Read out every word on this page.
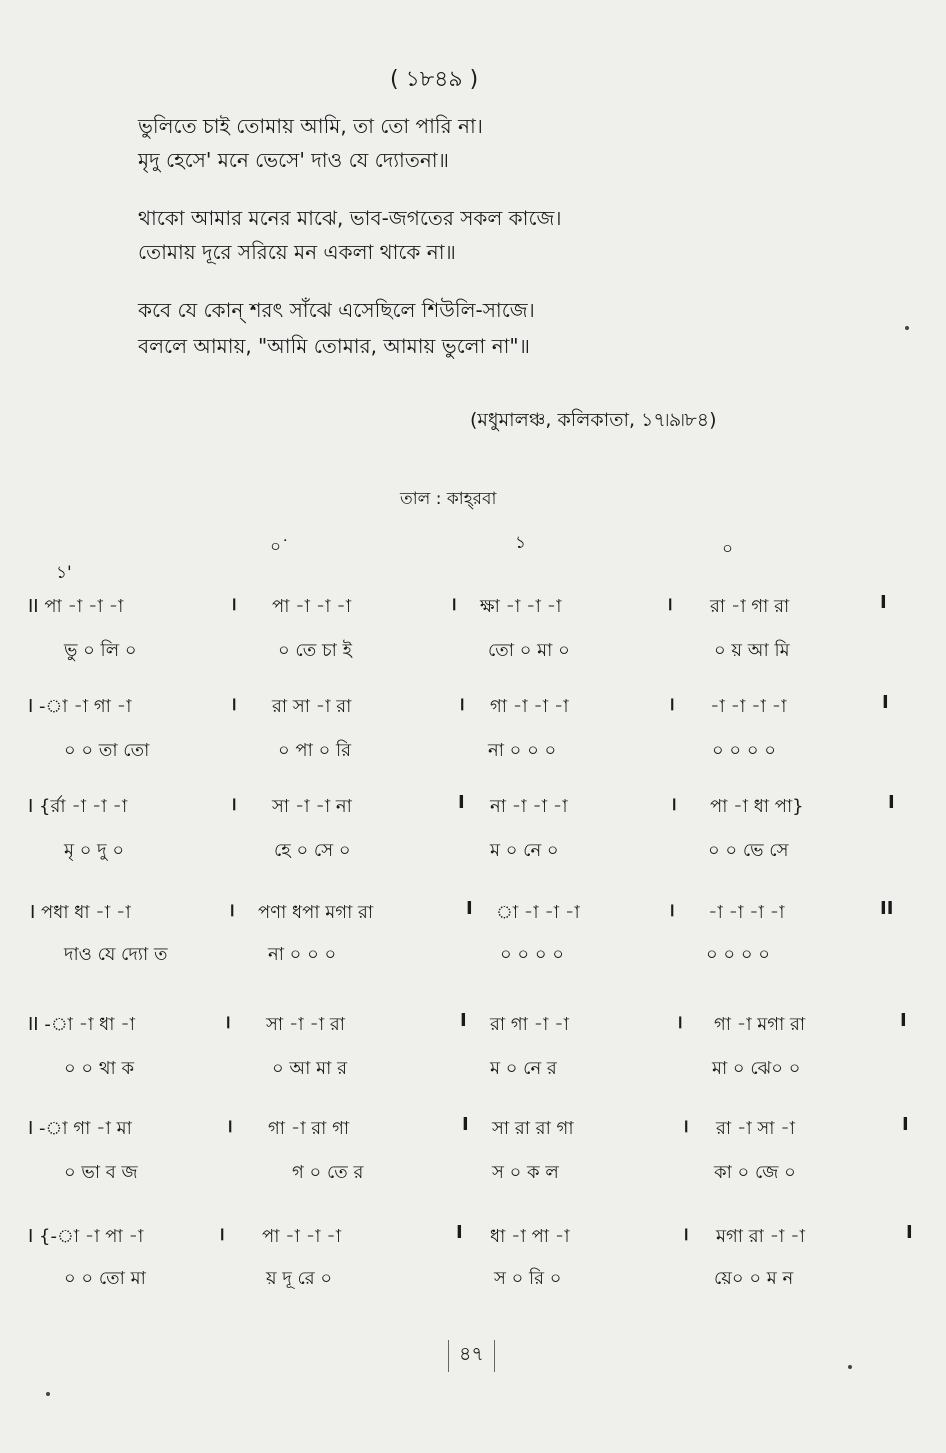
( ১৮৪৯ )
ভুলিতে চাই তোমায় আমি, তা তো পারি না।
মৃদু হেসে' মনে ভেসে' দাও যে দ্যোতনা॥
থাকো আমার মনের মাঝে, ভাব-জগতের সকল কাজে।
তোমায় দূরে সরিয়ে মন একলা থাকে না॥
কবে যে কোন্ শরৎ সাঁঝে এসেছিলে শিউলি-সাজে।
বললে আমায়, "আমি তোমার, আমায় ভুলো না"॥
(মধুমালঞ্চ, কলিকাতা, ১৭৷৯৷৮৪)
তাল : কাহ্‌রবা
০˙	১	০
১'
II পা -া -া -া	। পা -া -া -া	। ক্ষা -া -া -া	। রা -া গা রা	I
ভু ০ লি ০	০ তে চা ই	তো ০ মা ০	০ য় আ মি
I -া -া গা -া	। রা সা -া রা	। গা -া -া -া	। -া -া -া -া	I
০ ০ তা তো	০ পা ০ রি	না ০ ০ ০	০ ০ ০ ০
I {র্রা -া -া -া	। সা -া -া না	I না -া -া -া	। পা -া ধা পা}	I
মৃ ০ দু ০	হে ০ সে ০	ম ০ নে ০	০ ০ ভে সে
I পধা ধা -া -া	। পণা ধপা মগা রা	I া -া -া -া	। -া -া -া -া	II
দাও যে দ্যো ত	না ০ ০ ০	০ ০ ০ ০	০ ০ ০ ০
II -া -া ধা -া	। সা -া -া রা	I রা গা -া -া	। গা -া মগা রা	I
০ ০ থা ক	০ আ মা র	ম ০ নে র	মা ০ ঝে০ ০
I -া গা -া মা	। গা -া রা গা	I সা রা রা গা	। রা -া সা -া	I
০ ভা ব জ	গ ০ তে র	স ০ ক ল	কা ০ জে ০
I {-া -া পা -া	। পা -া -া -া	I ধা -া পা -া	। মগা রা -া -া	I
০ ০ তো মা	য় দূ রে ০	স ০ রি ০	য়ে০ ০ ম ন
৪৭
